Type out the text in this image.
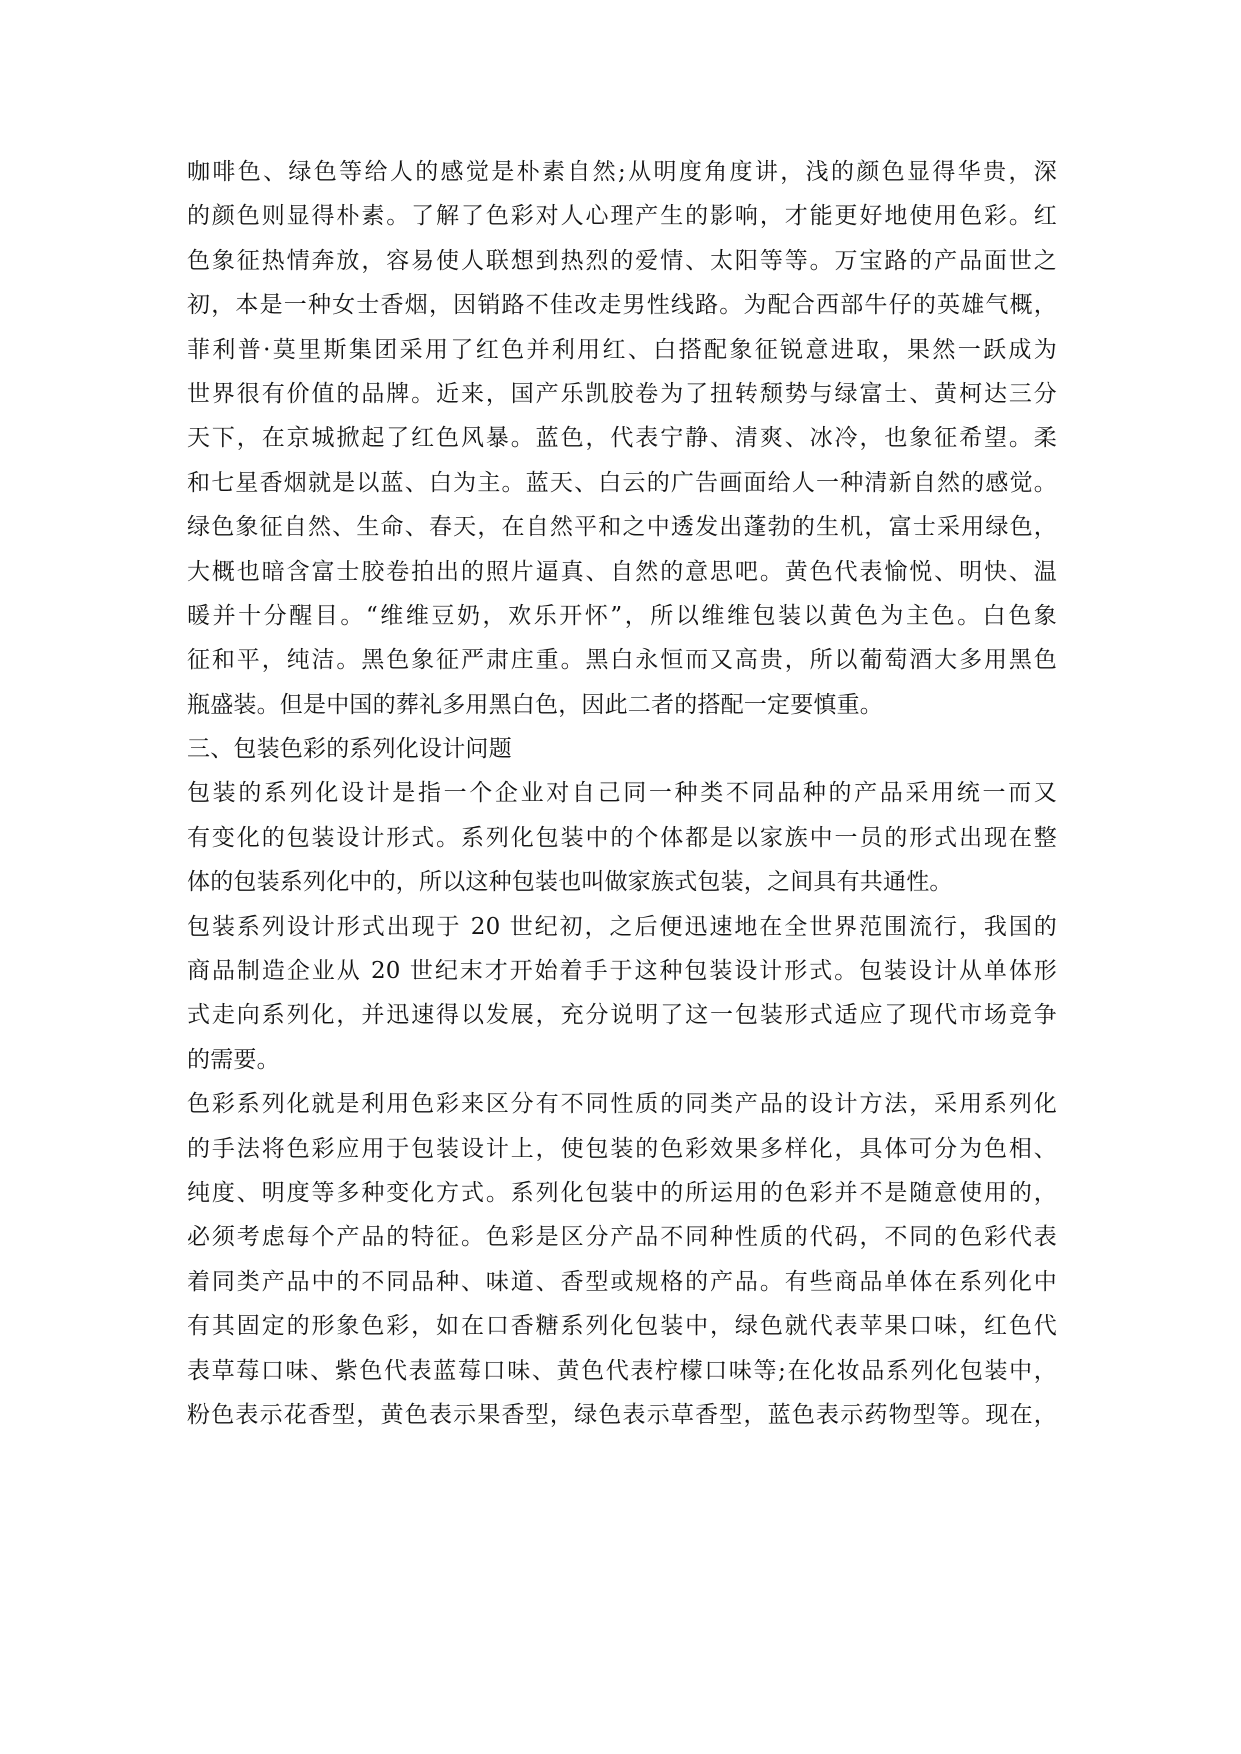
咖啡色、绿色等给人的感觉是朴素自然;从明度角度讲，浅的颜色显得华贵，深
的颜色则显得朴素。了解了色彩对人心理产生的影响，才能更好地使用色彩。红
色象征热情奔放，容易使人联想到热烈的爱情、太阳等等。万宝路的产品面世之
初，本是一种女士香烟，因销路不佳改走男性线路。为配合西部牛仔的英雄气概，
菲利普·莫里斯集团采用了红色并利用红、白搭配象征锐意进取，果然一跃成为
世界很有价值的品牌。近来，国产乐凯胶卷为了扭转颓势与绿富士、黄柯达三分
天下，在京城掀起了红色风暴。蓝色，代表宁静、清爽、冰冷，也象征希望。柔
和七星香烟就是以蓝、白为主。蓝天、白云的广告画面给人一种清新自然的感觉。
绿色象征自然、生命、春天，在自然平和之中透发出蓬勃的生机，富士采用绿色，
大概也暗含富士胶卷拍出的照片逼真、自然的意思吧。黄色代表愉悦、明快、温
暖并十分醒目。“维维豆奶，欢乐开怀”，所以维维包装以黄色为主色。白色象
征和平，纯洁。黑色象征严肃庄重。黑白永恒而又高贵，所以葡萄酒大多用黑色
瓶盛装。但是中国的葬礼多用黑白色，因此二者的搭配一定要慎重。
三、包装色彩的系列化设计问题
包装的系列化设计是指一个企业对自己同一种类不同品种的产品采用统一而又
有变化的包装设计形式。系列化包装中的个体都是以家族中一员的形式出现在整
体的包装系列化中的，所以这种包装也叫做家族式包装，之间具有共通性。
包装系列设计形式出现于 20 世纪初，之后便迅速地在全世界范围流行，我国的
商品制造企业从 20 世纪末才开始着手于这种包装设计形式。包装设计从单体形
式走向系列化，并迅速得以发展，充分说明了这一包装形式适应了现代市场竞争
的需要。
色彩系列化就是利用色彩来区分有不同性质的同类产品的设计方法，采用系列化
的手法将色彩应用于包装设计上，使包装的色彩效果多样化，具体可分为色相、
纯度、明度等多种变化方式。系列化包装中的所运用的色彩并不是随意使用的，
必须考虑每个产品的特征。色彩是区分产品不同种性质的代码，不同的色彩代表
着同类产品中的不同品种、味道、香型或规格的产品。有些商品单体在系列化中
有其固定的形象色彩，如在口香糖系列化包装中，绿色就代表苹果口味，红色代
表草莓口味、紫色代表蓝莓口味、黄色代表柠檬口味等;在化妆品系列化包装中，
粉色表示花香型，黄色表示果香型，绿色表示草香型，蓝色表示药物型等。现在，
